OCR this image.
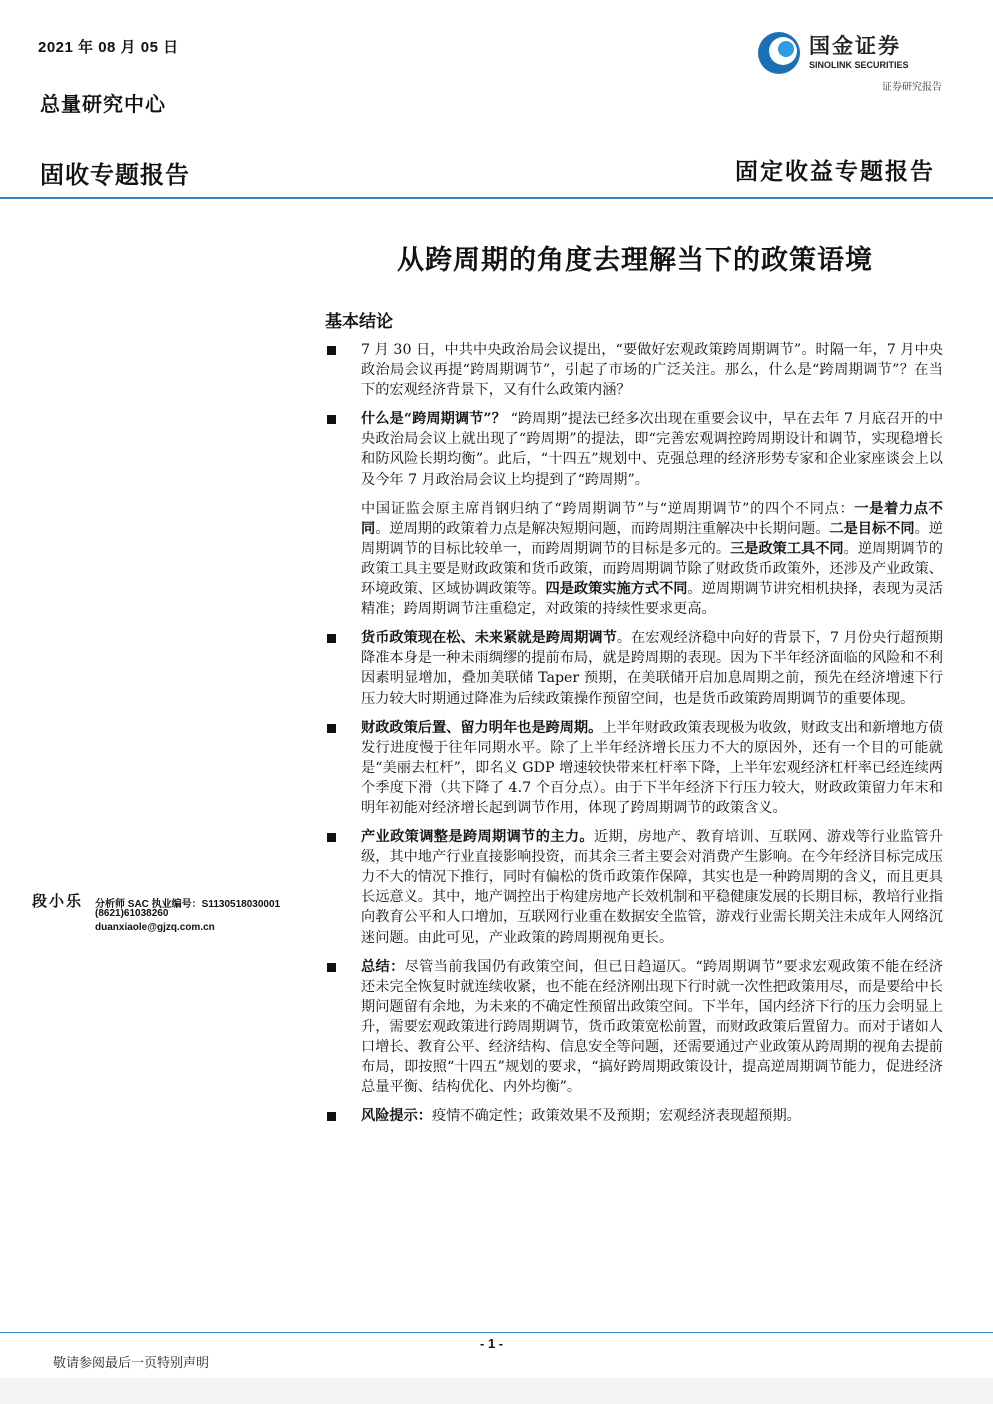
2021 年 08 月 05 日
总量研究中心
固收专题报告	固定收益专题报告
国金证券
SINOLINK SECURITIES
证券研究报告
从跨周期的角度去理解当下的政策语境
基本结论
7 月 30 日，中共中央政治局会议提出，“要做好宏观政策跨周期调节”。时隔一年，7 月中央政治局会议再提“跨周期调节”，引起了市场的广泛关注。那么，什么是“跨周期调节”？在当下的宏观经济背景下，又有什么政策内涵？
什么是“跨周期调节”？ “跨周期”提法已经多次出现在重要会议中，早在去年 7 月底召开的中央政治局会议上就出现了“跨周期”的提法，即“完善宏观调控跨周期设计和调节，实现稳增长和防风险长期均衡”。此后，“十四五”规划中、克强总理的经济形势专家和企业家座谈会上以及今年 7 月政治局会议上均提到了“跨周期”。
中国证监会原主席肖钢归纳了“跨周期调节”与“逆周期调节”的四个不同点：一是着力点不同。逆周期的政策着力点是解决短期问题，而跨周期注重解决中长期问题。二是目标不同。逆周期调节的目标比较单一，而跨周期调节的目标是多元的。三是政策工具不同。逆周期调节的政策工具主要是财政政策和货币政策，而跨周期调节除了财政货币政策外，还涉及产业政策、环境政策、区域协调政策等。四是政策实施方式不同。逆周期调节讲究相机抉择，表现为灵活精准；跨周期调节注重稳定，对政策的持续性要求更高。
货币政策现在松、未来紧就是跨周期调节。在宏观经济稳中向好的背景下，7 月份央行超预期降准本身是一种未雨绸缪的提前布局，就是跨周期的表现。因为下半年经济面临的风险和不利因素明显增加，叠加美联储 Taper 预期，在美联储开启加息周期之前，预先在经济增速下行压力较大时期通过降准为后续政策操作预留空间，也是货币政策跨周期调节的重要体现。
财政政策后置、留力明年也是跨周期。上半年财政政策表现极为收敛，财政支出和新增地方债发行进度慢于往年同期水平。除了上半年经济增长压力不大的原因外，还有一个目的可能就是“美丽去杠杆”，即名义 GDP 增速较快带来杠杆率下降，上半年宏观经济杠杆率已经连续两个季度下滑（共下降了 4.7 个百分点）。由于下半年经济下行压力较大，财政政策留力年末和明年初能对经济增长起到调节作用，体现了跨周期调节的政策含义。
产业政策调整是跨周期调节的主力。近期，房地产、教育培训、互联网、游戏等行业监管升级，其中地产行业直接影响投资，而其余三者主要会对消费产生影响。在今年经济目标完成压力不大的情况下推行，同时有偏松的货币政策作保障，其实也是一种跨周期的含义，而且更具长远意义。其中，地产调控出于构建房地产长效机制和平稳健康发展的长期目标，教培行业指向教育公平和人口增加，互联网行业重在数据安全监管，游戏行业需长期关注未成年人网络沉迷问题。由此可见，产业政策的跨周期视角更长。
总结：尽管当前我国仍有政策空间，但已日趋逼仄。“跨周期调节”要求宏观政策不能在经济还未完全恢复时就连续收紧，也不能在经济刚出现下行时就一次性把政策用尽，而是要给中长期问题留有余地，为未来的不确定性预留出政策空间。下半年，国内经济下行的压力会明显上升，需要宏观政策进行跨周期调节，货币政策宽松前置，而财政政策后置留力。而对于诸如人口增长、教育公平、经济结构、信息安全等问题，还需要通过产业政策从跨周期的视角去提前布局，即按照“十四五”规划的要求，“搞好跨周期政策设计，提高逆周期调节能力，促进经济总量平衡、结构优化、内外均衡”。
风险提示：疫情不确定性；政策效果不及预期；宏观经济表现超预期。
段小乐 分析师 SAC 执业编号：S1130518030001
(8621)61038260
duanxiaole@gjzq.com.cn
- 1 -
敬请参阅最后一页特别声明
